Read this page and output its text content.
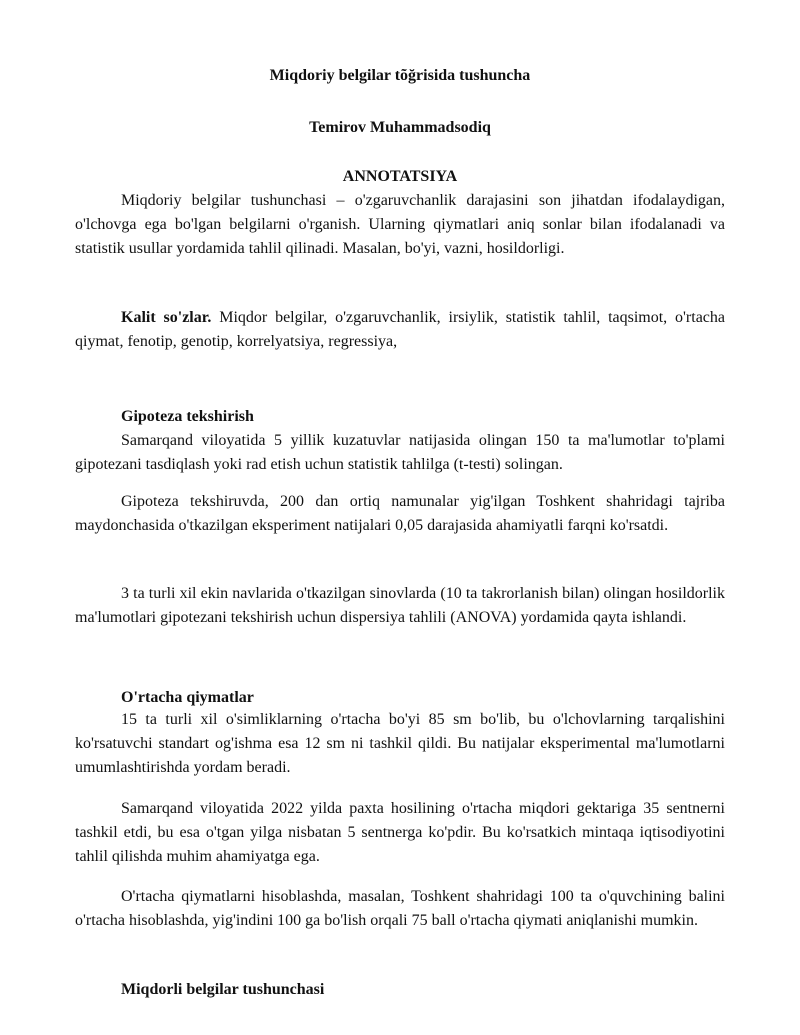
Miqdoriy belgilar tõğrisida tushuncha
Temirov Muhammadsodiq
ANNOTATSIYA

Miqdoriy belgilar tushunchasi – o'zgaruvchanlik darajasini son jihatdan ifodalaydigan, o'lchovga ega bo'lgan belgilarni o'rganish. Ularning qiymatlari aniq sonlar bilan ifodalanadi va statistik usullar yordamida tahlil qilinadi. Masalan, bo'yi, vazni, hosildorligi.

Kalit so'zlar. Miqdor belgilar, o'zgaruvchanlik, irsiylik, statistik tahlil, taqsimot, o'rtacha qiymat, fenotip, genotip, korrelyatsiya, regressiya,

Gipoteza tekshirish

Samarqand viloyatida 5 yillik kuzatuvlar natijasida olingan 150 ta ma'lumotlar to'plami gipotezani tasdiqlash yoki rad etish uchun statistik tahlilga (t-testi) solingan.

Gipoteza tekshiruvda, 200 dan ortiq namunalar yig'ilgan Toshkent shahridagi tajriba maydonchasida o'tkazilgan eksperiment natijalari 0,05 darajasida ahamiyatli farqni ko'rsatdi.

3 ta turli xil ekin navlarida o'tkazilgan sinovlarda (10 ta takrorlanish bilan) olingan hosildorlik ma'lumotlari gipotezani tekshirish uchun dispersiya tahlili (ANOVA) yordamida qayta ishlandi.

O'rtacha qiymatlar

15 ta turli xil o'simliklarning o'rtacha bo'yi 85 sm bo'lib, bu o'lchovlarning tarqalishini ko'rsatuvchi standart og'ishma esa 12 sm ni tashkil qildi. Bu natijalar eksperimental ma'lumotlarni umumlashtirishda yordam beradi.

Samarqand viloyatida 2022 yilda paxta hosilining o'rtacha miqdori gektariga 35 sentnerni tashkil etdi, bu esa o'tgan yilga nisbatan 5 sentnerga ko'pdir. Bu ko'rsatkich mintaqa iqtisodiyotini tahlil qilishda muhim ahamiyatga ega.

O'rtacha qiymatlarni hisoblashda, masalan, Toshkent shahridagi 100 ta o'quvchining balini o'rtacha hisoblashda, yig'indini 100 ga bo'lish orqali 75 ball o'rtacha qiymati aniqlanishi mumkin.

Miqdorli belgilar tushunchasi
